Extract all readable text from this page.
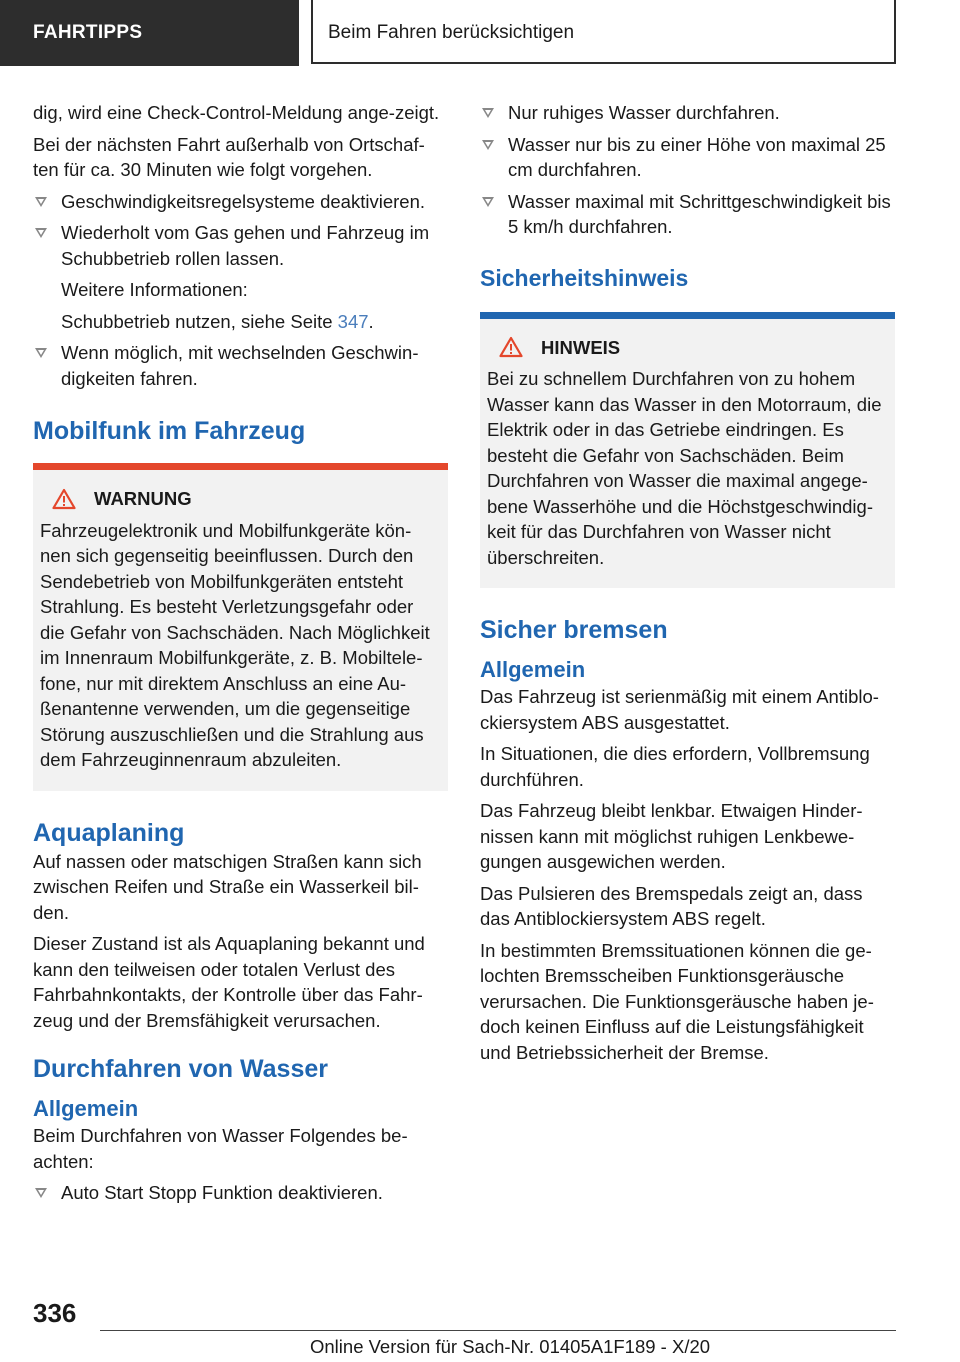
FAHRTIPPS	Beim Fahren berücksichtigen

dig, wird eine Check-Control-Meldung ange-zeigt.

Bei der nächsten Fahrt außerhalb von Ortschaf-ten für ca. 30 Minuten wie folgt vorgehen.

Geschwindigkeitsregelsysteme deaktivieren.
Wiederholt vom Gas gehen und Fahrzeug im Schubbetrieb rollen lassen.
Weitere Informationen:
Schubbetrieb nutzen, siehe Seite 347.
Wenn möglich, mit wechselnden Geschwin-digkeiten fahren.
Mobilfunk im Fahrzeug
WARNUNG

Fahrzeugelektronik und Mobilfunkgeräte kön-nen sich gegenseitig beeinflussen. Durch den Sendebetrieb von Mobilfunkgeräten entsteht Strahlung. Es besteht Verletzungsgefahr oder die Gefahr von Sachschäden. Nach Möglichkeit im Innenraum Mobilfunkgeräte, z. B. Mobiltele-fone, nur mit direktem Anschluss an eine Au-ßenantenne verwenden, um die gegenseitige Störung auszuschließen und die Strahlung aus dem Fahrzeuginnenraum abzuleiten.

Aquaplaning

Auf nassen oder matschigen Straßen kann sich zwischen Reifen und Straße ein Wasserkeil bil-den.

Dieser Zustand ist als Aquaplaning bekannt und kann den teilweisen oder totalen Verlust des Fahrbahnkontakts, der Kontrolle über das Fahr-zeug und der Bremsfähigkeit verursachen.

Durchfahren von Wasser
Allgemein

Beim Durchfahren von Wasser Folgendes be-achten:

Auto Start Stopp Funktion deaktivieren.
Nur ruhiges Wasser durchfahren.
Wasser nur bis zu einer Höhe von maximal 25 cm durchfahren.
Wasser maximal mit Schrittgeschwindigkeit bis 5 km/h durchfahren.
Sicherheitshinweis
HINWEIS

Bei zu schnellem Durchfahren von zu hohem Wasser kann das Wasser in den Motorraum, die Elektrik oder in das Getriebe eindringen. Es besteht die Gefahr von Sachschäden. Beim Durchfahren von Wasser die maximal angege-bene Wasserhöhe und die Höchstgeschwindig-keit für das Durchfahren von Wasser nicht überschreiten.

Sicher bremsen
Allgemein

Das Fahrzeug ist serienmäßig mit einem Antiblo-ckiersystem ABS ausgestattet.

In Situationen, die dies erfordern, Vollbremsung durchführen.

Das Fahrzeug bleibt lenkbar. Etwaigen Hinder-nissen kann mit möglichst ruhigen Lenkbewe-gungen ausgewichen werden.

Das Pulsieren des Bremspedals zeigt an, dass das Antiblockiersystem ABS regelt.

In bestimmten Bremssituationen können die ge-lochten Bremsscheiben Funktionsgeräusche verursachen. Die Funktionsgeräusche haben je-doch keinen Einfluss auf die Leistungsfähigkeit und Betriebssicherheit der Bremse.

336
Online Version für Sach-Nr. 01405A1F189 - X/20
